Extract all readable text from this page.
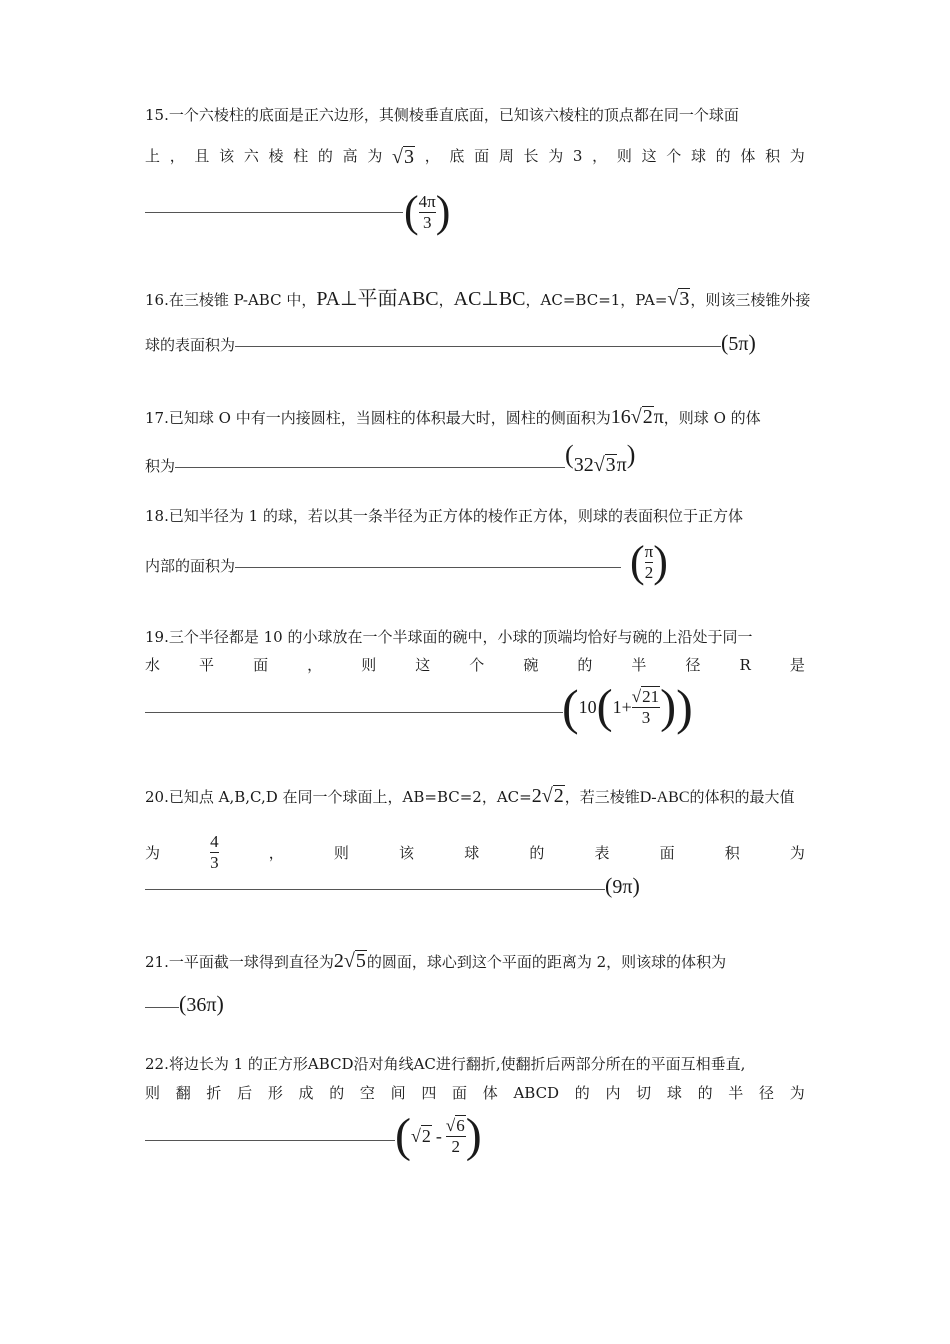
15.一个六棱柱的底面是正六边形，其侧棱垂直底面，已知该六棱柱的顶点都在同一个球面
上 ， 且 该 六 棱 柱 的 高 为 √3 ， 底 面 周 长 为 3 ， 则 这 个 球 的 体 积 为
( $\frac{4\pi}{3}$ )
16.在三棱锥 P-ABC 中，PA⊥平面ABC，AC⊥BC，AC=BC=1，PA=√3，则该三棱锥外接
球的表面积为	(5π)
17.已知球 O 中有一内接圆柱，当圆柱的体积最大时，圆柱的侧面积为16√2π，则球 O 的体
积为	(32√3π)
18.已知半径为 1 的球，若以其一条半径为正方体的棱作正方体，则球的表面积位于正方体
内部的面积为	( $\frac{\pi}{2}$ )
19.三个半径都是 10 的小球放在一个半球面的碗中，小球的顶端均恰好与碗的上沿处于同一
水	平	面	，	则	这	个	碗	的	半	径	R	是
( 10 ( $1+ \frac{√21}{3}$ ) )
20.已知点 A,B,C,D 在同一个球面上，AB=BC=2，AC=2√2，若三棱锥D-ABC的体积的最大值
为	$\frac{4}{3}$	，	则	该	球	的	表	面	积	为
(9π)
21.一平面截一球得到直径为2√5的圆面，球心到这个平面的距离为 2，则该球的体积为
(36π)
22.将边长为 1 的正方形ABCD沿对角线AC进行翻折,使翻折后两部分所在的平面互相垂直,
则 翻 折 后 形 成 的 空 间 四 面 体 ABCD 的 内 切 球 的 半 径 为
( $√2 - \frac{√6}{2}$ )
